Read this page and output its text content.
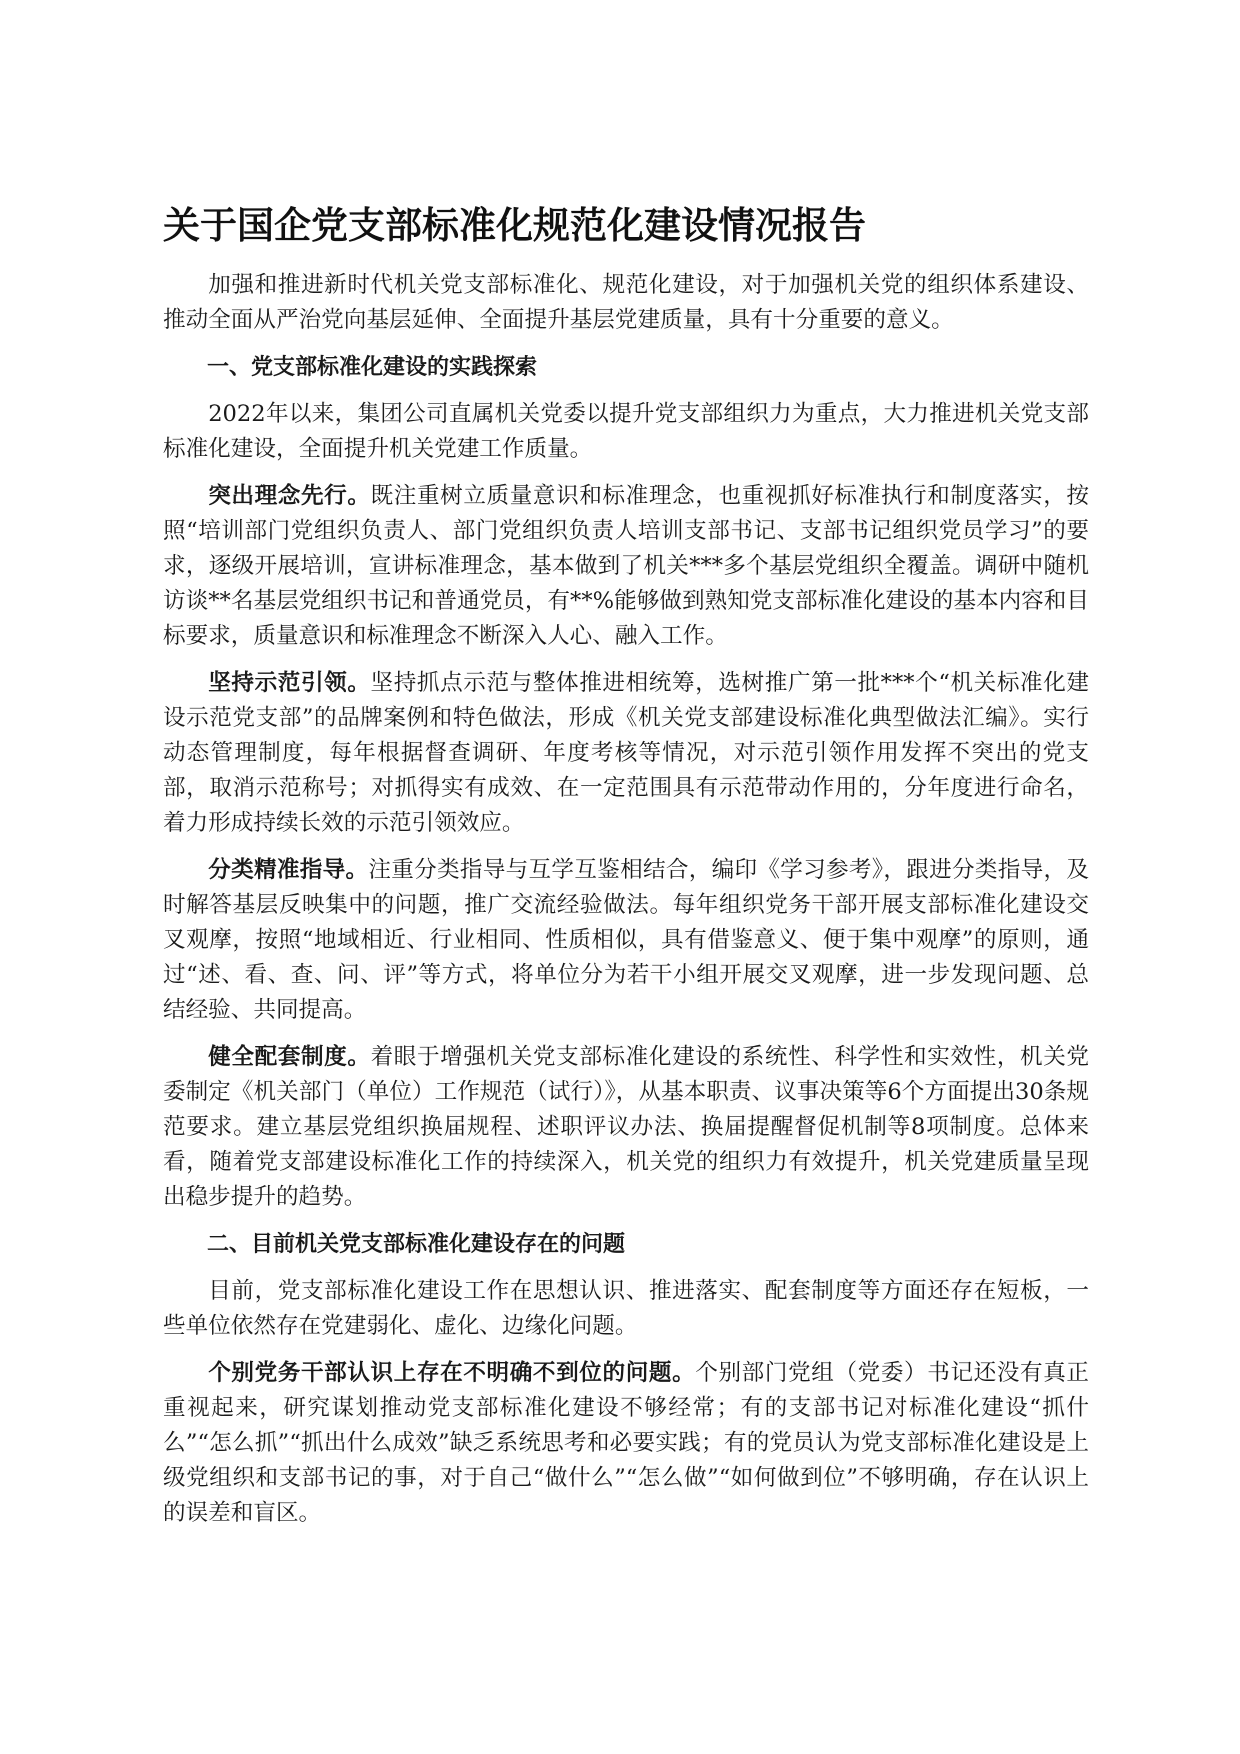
关于国企党支部标准化规范化建设情况报告

加强和推进新时代机关党支部标准化、规范化建设，对于加强机关党的组织体系建设、推动全面从严治党向基层延伸、全面提升基层党建质量，具有十分重要的意义。

一、党支部标准化建设的实践探索

2022年以来，集团公司直属机关党委以提升党支部组织力为重点，大力推进机关党支部标准化建设，全面提升机关党建工作质量。

突出理念先行。既注重树立质量意识和标准理念，也重视抓好标准执行和制度落实，按照“培训部门党组织负责人、部门党组织负责人培训支部书记、支部书记组织党员学习”的要求，逐级开展培训，宣讲标准理念，基本做到了机关***多个基层党组织全覆盖。调研中随机访谈**名基层党组织书记和普通党员，有**%能够做到熟知党支部标准化建设的基本内容和目标要求，质量意识和标准理念不断深入人心、融入工作。

坚持示范引领。坚持抓点示范与整体推进相统筹，选树推广第一批***个“机关标准化建设示范党支部”的品牌案例和特色做法，形成《机关党支部建设标准化典型做法汇编》。实行动态管理制度，每年根据督查调研、年度考核等情况，对示范引领作用发挥不突出的党支部，取消示范称号；对抓得实有成效、在一定范围具有示范带动作用的，分年度进行命名，着力形成持续长效的示范引领效应。

分类精准指导。注重分类指导与互学互鉴相结合，编印《学习参考》，跟进分类指导，及时解答基层反映集中的问题，推广交流经验做法。每年组织党务干部开展支部标准化建设交叉观摩，按照“地域相近、行业相同、性质相似，具有借鉴意义、便于集中观摩”的原则，通过“述、看、查、问、评”等方式，将单位分为若干小组开展交叉观摩，进一步发现问题、总结经验、共同提高。

健全配套制度。着眼于增强机关党支部标准化建设的系统性、科学性和实效性，机关党委制定《机关部门（单位）工作规范（试行）》，从基本职责、议事决策等6个方面提出30条规范要求。建立基层党组织换届规程、述职评议办法、换届提醒督促机制等8项制度。总体来看，随着党支部建设标准化工作的持续深入，机关党的组织力有效提升，机关党建质量呈现出稳步提升的趋势。

二、目前机关党支部标准化建设存在的问题

目前，党支部标准化建设工作在思想认识、推进落实、配套制度等方面还存在短板，一些单位依然存在党建弱化、虚化、边缘化问题。

个别党务干部认识上存在不明确不到位的问题。个别部门党组（党委）书记还没有真正重视起来，研究谋划推动党支部标准化建设不够经常；有的支部书记对标准化建设“抓什么”“怎么抓”“抓出什么成效”缺乏系统思考和必要实践；有的党员认为党支部标准化建设是上级党组织和支部书记的事，对于自己“做什么”“怎么做”“如何做到位”不够明确，存在认识上的误差和盲区。
